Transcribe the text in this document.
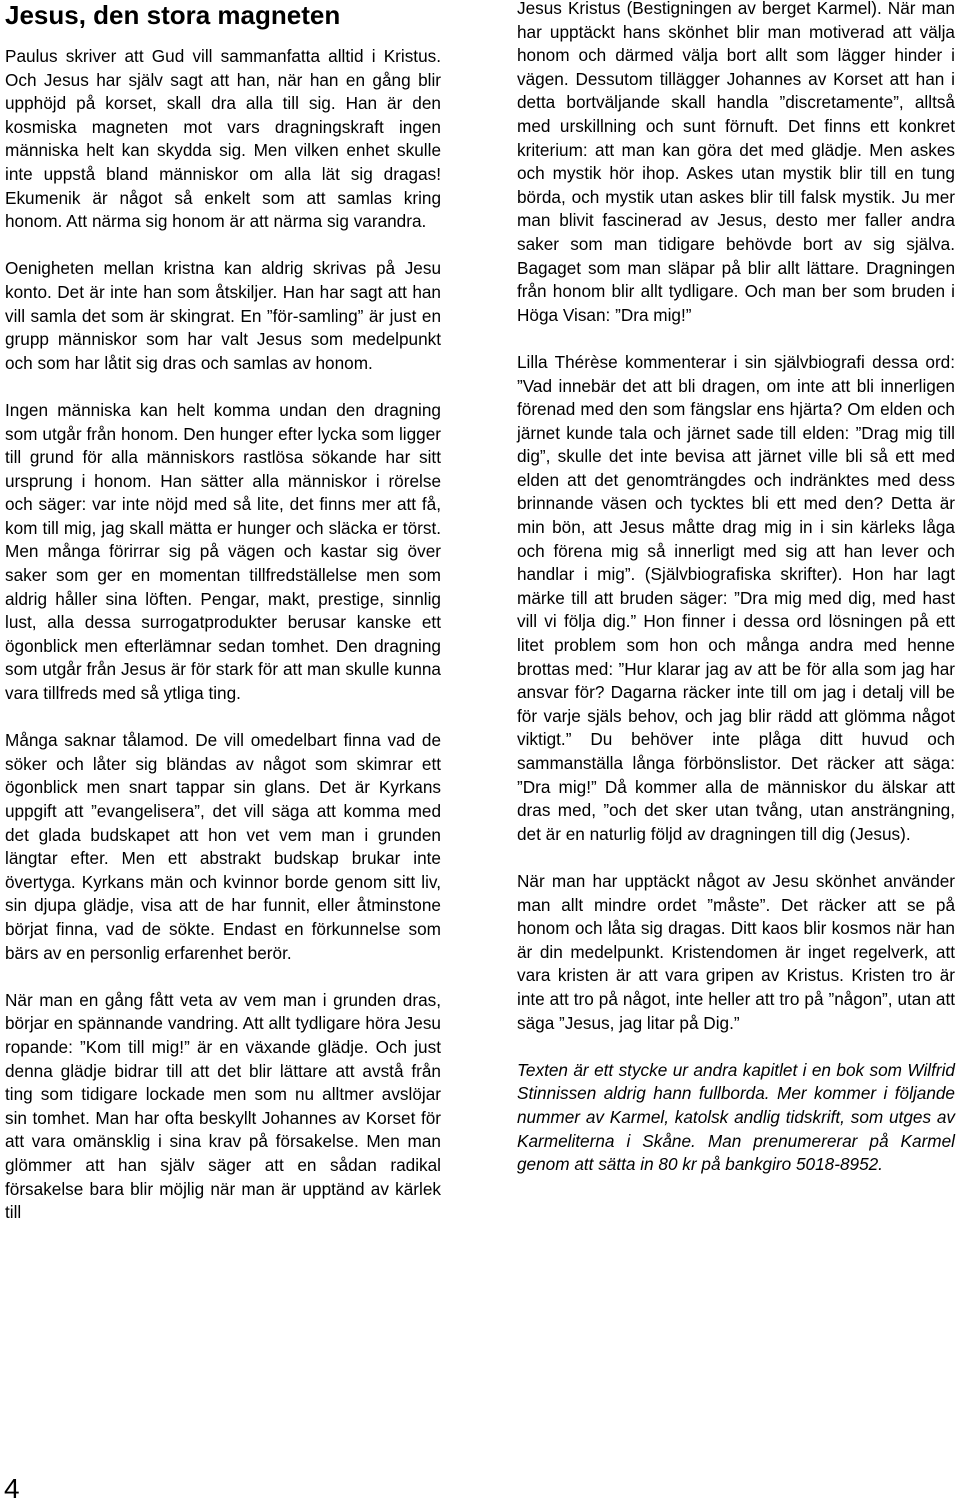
Jesus, den stora magneten

Paulus skriver att Gud vill sammanfatta alltid i Kristus. Och Jesus har själv sagt att han, när han en gång blir upphöjd på korset, skall dra alla till sig. Han är den kosmiska magneten mot vars dragningskraft ingen människa helt kan skydda sig. Men vilken enhet skulle inte uppstå bland människor om alla lät sig dragas! Ekumenik är något så enkelt som att samlas kring honom. Att närma sig honom är att närma sig varandra.

Oenigheten mellan kristna kan aldrig skrivas på Jesu konto. Det är inte han som åtskiljer. Han har sagt att han vill samla det som är skingrat. En ”för-samling” är just en grupp människor som har valt Jesus som medelpunkt och som har låtit sig dras och samlas av honom.

Ingen människa kan helt komma undan den dragning som utgår från honom. Den hunger efter lycka som ligger till grund för alla människors rastlösa sökande har sitt ursprung i honom. Han sätter alla människor i rörelse och säger: var inte nöjd med så lite, det finns mer att få, kom till mig, jag skall mätta er hunger och släcka er törst. Men många förirrar sig på vägen och kastar sig över saker som ger en momentan tillfredställelse men som aldrig håller sina löften. Pengar, makt, prestige, sinnlig lust, alla dessa surrogatprodukter berusar kanske ett ögonblick men efterlämnar sedan tomhet. Den dragning som utgår från Jesus är för stark för att man skulle kunna vara tillfreds med så ytliga ting.

Många saknar tålamod. De vill omedelbart finna vad de söker och låter sig bländas av något som skimrar ett ögonblick men snart tappar sin glans. Det är Kyrkans uppgift att ”evangelisera”, det vill säga att komma med det glada budskapet att hon vet vem man i grunden längtar efter. Men ett abstrakt budskap brukar inte övertyga. Kyrkans män och kvinnor borde genom sitt liv, sin djupa glädje, visa att de har funnit, eller åtminstone börjat finna, vad de sökte. Endast en förkunnelse som bärs av en personlig erfarenhet berör.

När man en gång fått veta av vem man i grunden dras, börjar en spännande vandring. Att allt tydligare höra Jesu ropande: ”Kom till mig!” är en växande glädje. Och just denna glädje bidrar till att det blir lättare att avstå från ting som tidigare lockade men som nu alltmer avslöjar sin tomhet. Man har ofta beskyllt Johannes av Korset för att vara omänsklig i sina krav på försakelse. Men man glömmer att han själv säger att en sådan radikal försakelse bara blir möjlig när man är upptänd av kärlek till

Jesus Kristus (Bestigningen av berget Karmel). När man har upptäckt hans skönhet blir man motiverad att välja honom och därmed välja bort allt som lägger hinder i vägen. Dessutom tillägger Johannes av Korset att han i detta bortväljande skall handla ”discretamente”, alltså med urskillning och sunt förnuft. Det finns ett konkret kriterium: att man kan göra det med glädje. Men askes och mystik hör ihop. Askes utan mystik blir till en tung börda, och mystik utan askes blir till falsk mystik. Ju mer man blivit fascinerad av Jesus, desto mer faller andra saker som man tidigare behövde bort av sig själva. Bagaget som man släpar på blir allt lättare. Dragningen från honom blir allt tydligare. Och man ber som bruden i Höga Visan: ”Dra mig!”

Lilla Thérèse kommenterar i sin självbiografi dessa ord: ”Vad innebär det att bli dragen, om inte att bli innerligen förenad med den som fängslar ens hjärta? Om elden och järnet kunde tala och järnet sade till elden: ”Drag mig till dig”, skulle det inte bevisa att järnet ville bli så ett med elden att det genomträngdes och indränktes med dess brinnande väsen och tycktes bli ett med den? Detta är min bön, att Jesus måtte drag mig in i sin kärleks låga och förena mig så innerligt med sig att han lever och handlar i mig”. (Självbiografiska skrifter). Hon har lagt märke till att bruden säger: ”Dra mig med dig, med hast vill vi följa dig.” Hon finner i dessa ord lösningen på ett litet problem som hon och många andra med henne brottas med: ”Hur klarar jag av att be för alla som jag har ansvar för? Dagarna räcker inte till om jag i detalj vill be för varje själs behov, och jag blir rädd att glömma något viktigt.” Du behöver inte plåga ditt huvud och sammanställa långa förbönslistor. Det räcker att säga: ”Dra mig!” Då kommer alla de människor du älskar att dras med, ”och det sker utan tvång, utan ansträngning, det är en naturlig följd av dragningen till dig (Jesus).

När man har upptäckt något av Jesu skönhet använder man allt mindre ordet ”måste”. Det räcker att se på honom och låta sig dragas. Ditt kaos blir kosmos när han är din medelpunkt. Kristendomen är inget regelverk, att vara kristen är att vara gripen av Kristus. Kristen tro är inte att tro på något, inte heller att tro på ”någon”, utan att säga ”Jesus, jag litar på Dig.”

Texten är ett stycke ur andra kapitlet i en bok som Wilfrid Stinnissen aldrig hann fullborda. Mer kommer i följande nummer av Karmel, katolsk andlig tidskrift, som utges av Karmeliterna i Skåne. Man prenumererar på Karmel genom att sätta in 80 kr på bankgiro 5018-8952.

4
